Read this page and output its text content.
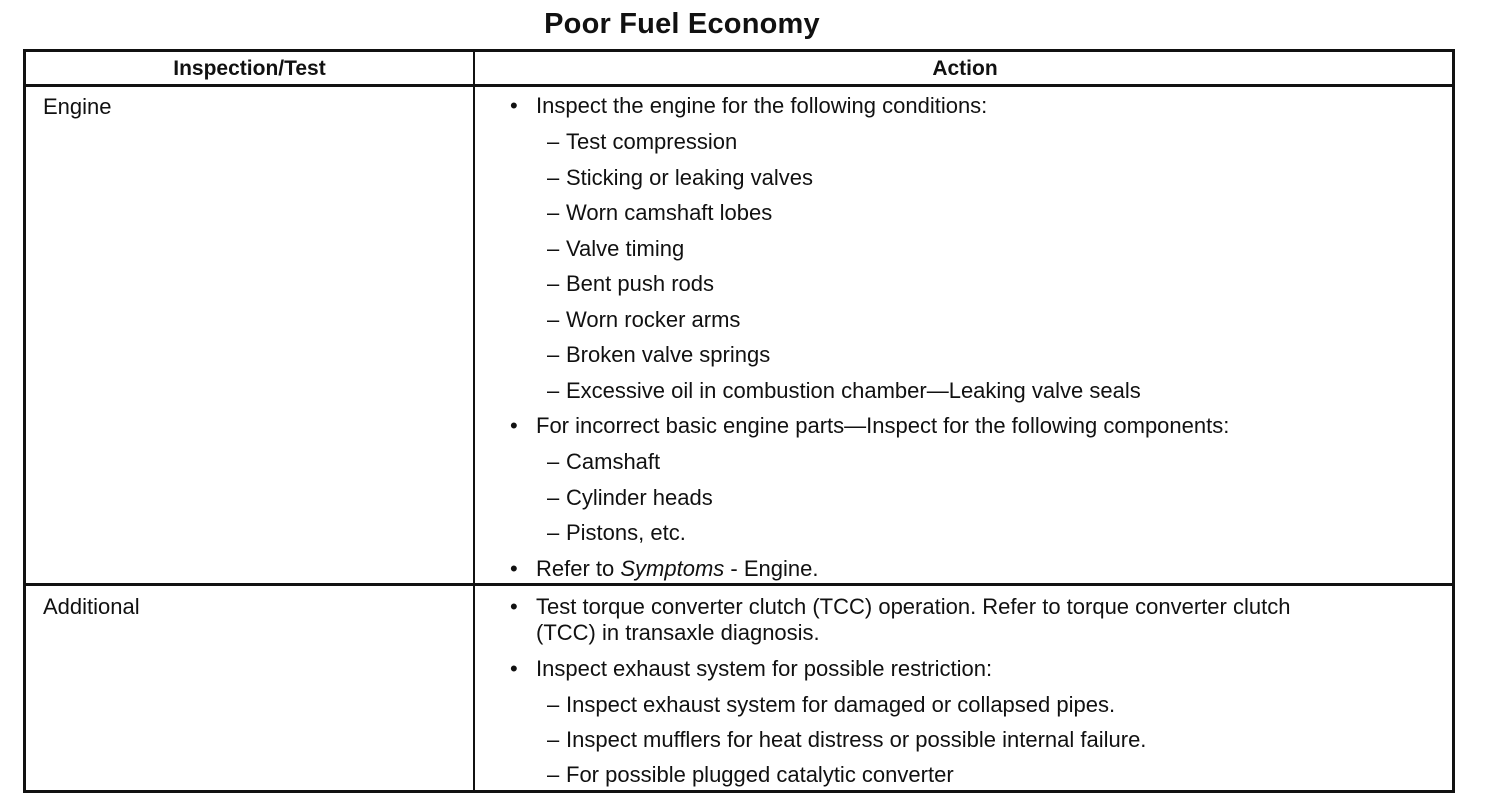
Poor Fuel Economy
Inspection/Test	Action
Engine	• Inspect the engine for the following conditions:
– Test compression
– Sticking or leaking valves
– Worn camshaft lobes
– Valve timing
– Bent push rods
– Worn rocker arms
– Broken valve springs
– Excessive oil in combustion chamber—Leaking valve seals
• For incorrect basic engine parts—Inspect for the following components:
– Camshaft
– Cylinder heads
– Pistons, etc.
• Refer to Symptoms - Engine.
Additional	• Test torque converter clutch (TCC) operation. Refer to torque converter clutch (TCC) in transaxle diagnosis.
• Inspect exhaust system for possible restriction:
– Inspect exhaust system for damaged or collapsed pipes.
– Inspect mufflers for heat distress or possible internal failure.
– For possible plugged catalytic converter
